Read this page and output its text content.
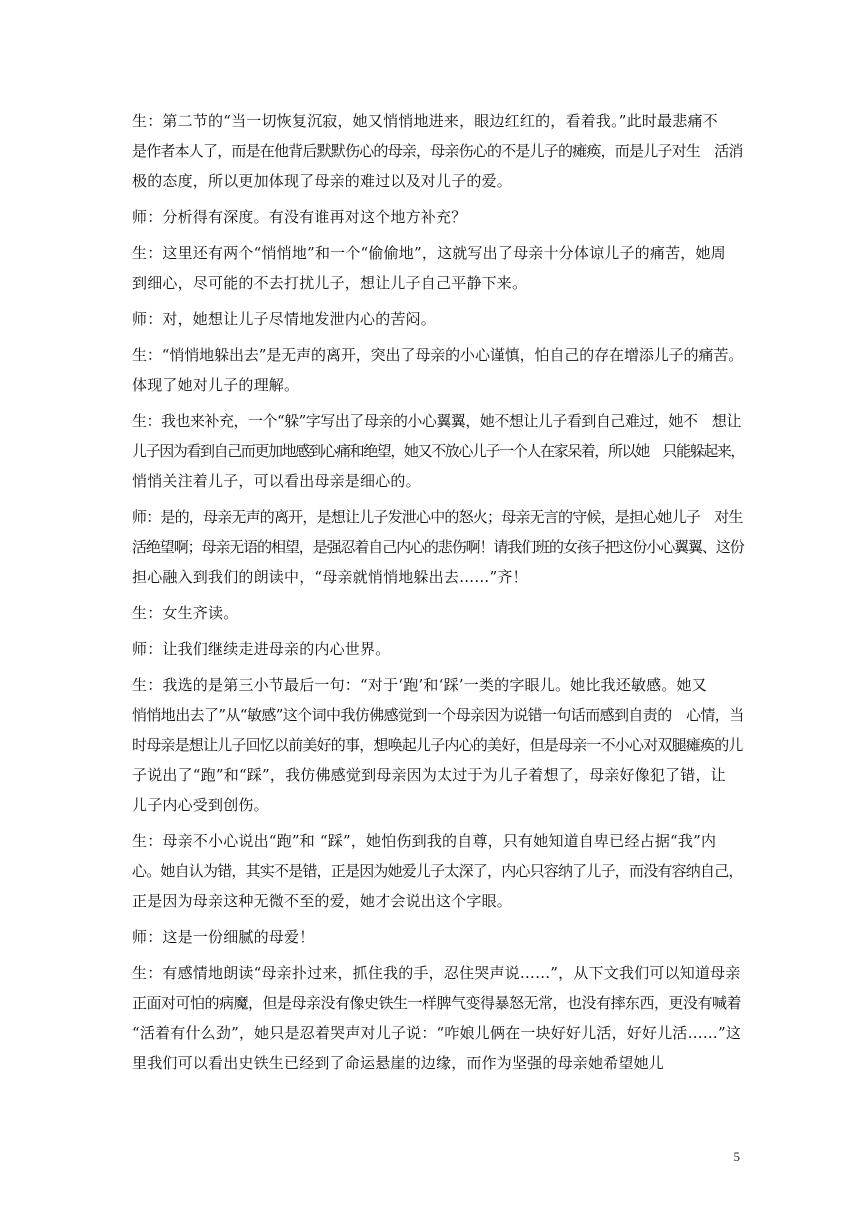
生：第二节的“当一切恢复沉寂，她又悄悄地进来，眼边红红的，看着我。”此时最悲痛不
是作者本人了，而是在他背后默默伤心的母亲，母亲伤心的不是儿子的瘫痪，而是儿子对生　活消
极的态度，所以更加体现了母亲的难过以及对儿子的爱。

师：分析得有深度。有没有谁再对这个地方补充？

生：这里还有两个“悄悄地”和一个“偷偷地”，这就写出了母亲十分体谅儿子的痛苦，她周
到细心，尽可能的不去打扰儿子，想让儿子自己平静下来。

师：对，她想让儿子尽情地发泄内心的苦闷。

生：“悄悄地躲出去”是无声的离开，突出了母亲的小心谨慎，怕自己的存在增添儿子的痛苦。
体现了她对儿子的理解。

生：我也来补充，一个“躲”字写出了母亲的小心翼翼，她不想让儿子看到自己难过，她不　想让
儿子因为看到自己而更加地感到心痛和绝望，她又不放心儿子一个人在家呆着，所以她　只能躲起来，
悄悄关注着儿子，可以看出母亲是细心的。

师：是的，母亲无声的离开，是想让儿子发泄心中的怒火；母亲无言的守候，是担心她儿子　对生
活绝望啊；母亲无语的相望，是强忍着自己内心的悲伤啊！请我们班的女孩子把这份小心翼翼、这份
担心融入到我们的朗读中，“母亲就悄悄地躲出去……”齐！

生：女生齐读。

师：让我们继续走进母亲的内心世界。

生：我选的是第三小节最后一句：“对于‘跑’和‘踩’一类的字眼儿。她比我还敏感。她又
悄悄地出去了”从“敏感”这个词中我仿佛感觉到一个母亲因为说错一句话而感到自责的　心情，当
时母亲是想让儿子回忆以前美好的事，想唤起儿子内心的美好，但是母亲一不小心对双腿瘫痪的儿
子说出了“跑”和“踩”，我仿佛感觉到母亲因为太过于为儿子着想了，母亲好像犯了错，让
儿子内心受到创伤。

生：母亲不小心说出“跑”和 “踩”，她怕伤到我的自尊，只有她知道自卑已经占据“我”内
心。她自认为错，其实不是错，正是因为她爱儿子太深了，内心只容纳了儿子，而没有容纳自己，
正是因为母亲这种无微不至的爱，她才会说出这个字眼。

师：这是一份细腻的母爱！

生：有感情地朗读“母亲扑过来，抓住我的手，忍住哭声说……”，从下文我们可以知道母亲
正面对可怕的病魔，但是母亲没有像史铁生一样脾气变得暴怒无常，也没有摔东西，更没有喊着
“活着有什么劲”，她只是忍着哭声对儿子说：“咋娘儿俩在一块好好儿活，好好儿活……”这
里我们可以看出史铁生已经到了命运悬崖的边缘，而作为坚强的母亲她希望她儿

5
